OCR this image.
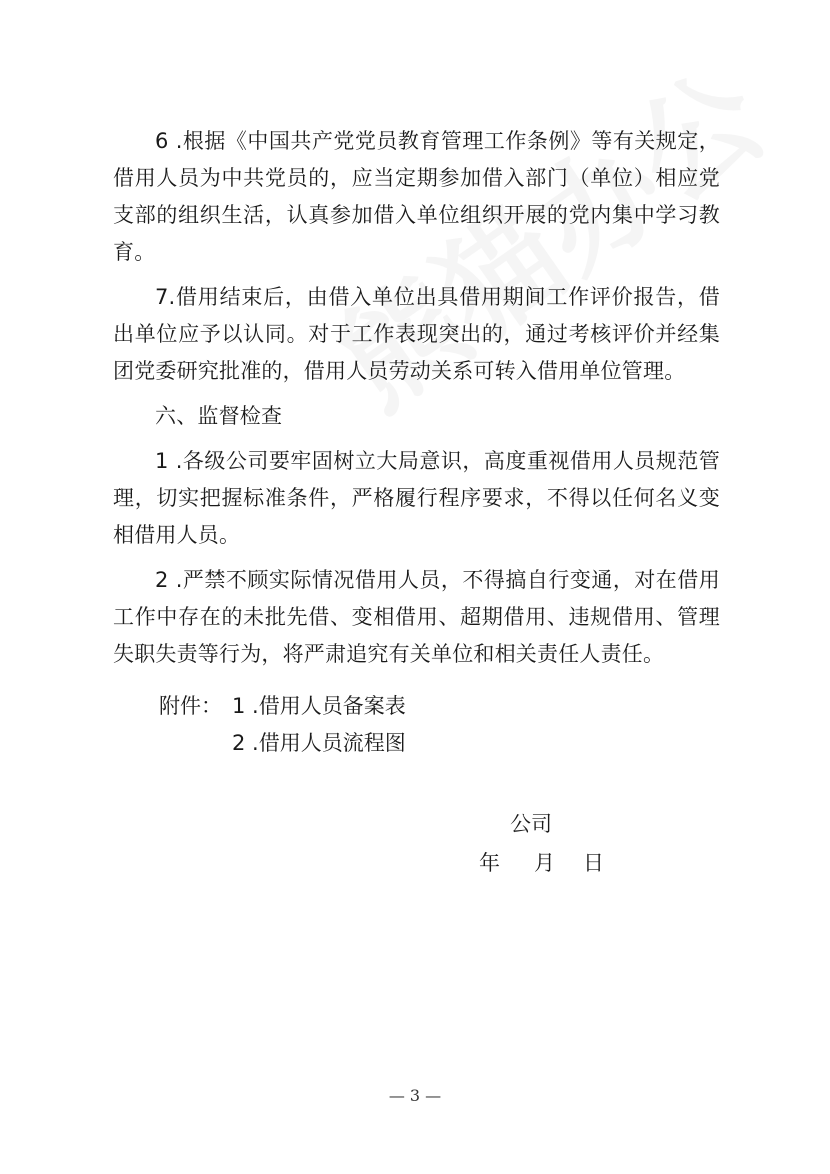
6 .根据《中国共产党党员教育管理工作条例》等有关规定，借用人员为中共党员的，应当定期参加借入部门（单位）相应党支部的组织生活，认真参加借入单位组织开展的党内集中学习教育。

7.借用结束后，由借入单位出具借用期间工作评价报告，借出单位应予以认同。对于工作表现突出的，通过考核评价并经集团党委研究批准的，借用人员劳动关系可转入借用单位管理。

六、监督检查

1 .各级公司要牢固树立大局意识，高度重视借用人员规范管理，切实把握标准条件，严格履行程序要求，不得以任何名义变相借用人员。

2 .严禁不顾实际情况借用人员，不得搞自行变通，对在借用工作中存在的未批先借、变相借用、超期借用、违规借用、管理失职失责等行为，将严肃追究有关单位和相关责任人责任。

附件： 1 .借用人员备案表
2 .借用人员流程图
公司
年 月 日
— 3 —
